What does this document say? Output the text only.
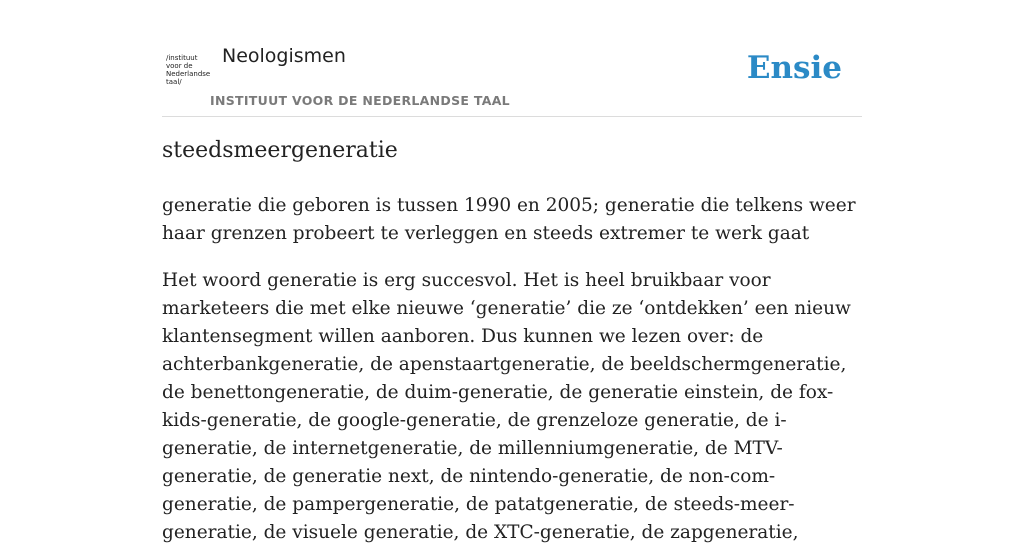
/instituut
voor de
Nederlandse
taal/
Neologismen
INSTITUUT VOOR DE NEDERLANDSE TAAL
Ensie
steedsmeergeneratie

generatie die geboren is tussen 1990 en 2005; generatie die telkens weer haar grenzen probeert te verleggen en steeds extremer te werk gaat

Het woord generatie is erg succesvol. Het is heel bruikbaar voor marketeers die met elke nieuwe ‘generatie’ die ze ‘ontdekken’ een nieuw klantensegment willen aanboren. Dus kunnen we lezen over: de achterbankgeneratie, de apenstaartgeneratie, de beeldschermgeneratie, de benettongeneratie, de duim-generatie, de generatie einstein, de fox-kids-generatie, de google-generatie, de grenzeloze generatie, de i-generatie, de internetgeneratie, de millenniumgeneratie, de MTV-generatie, de generatie next, de nintendo-generatie, de non-com-generatie, de pampergeneratie, de patatgeneratie, de steeds-meer-generatie, de visuele generatie, de XTC-generatie, de zapgeneratie,
